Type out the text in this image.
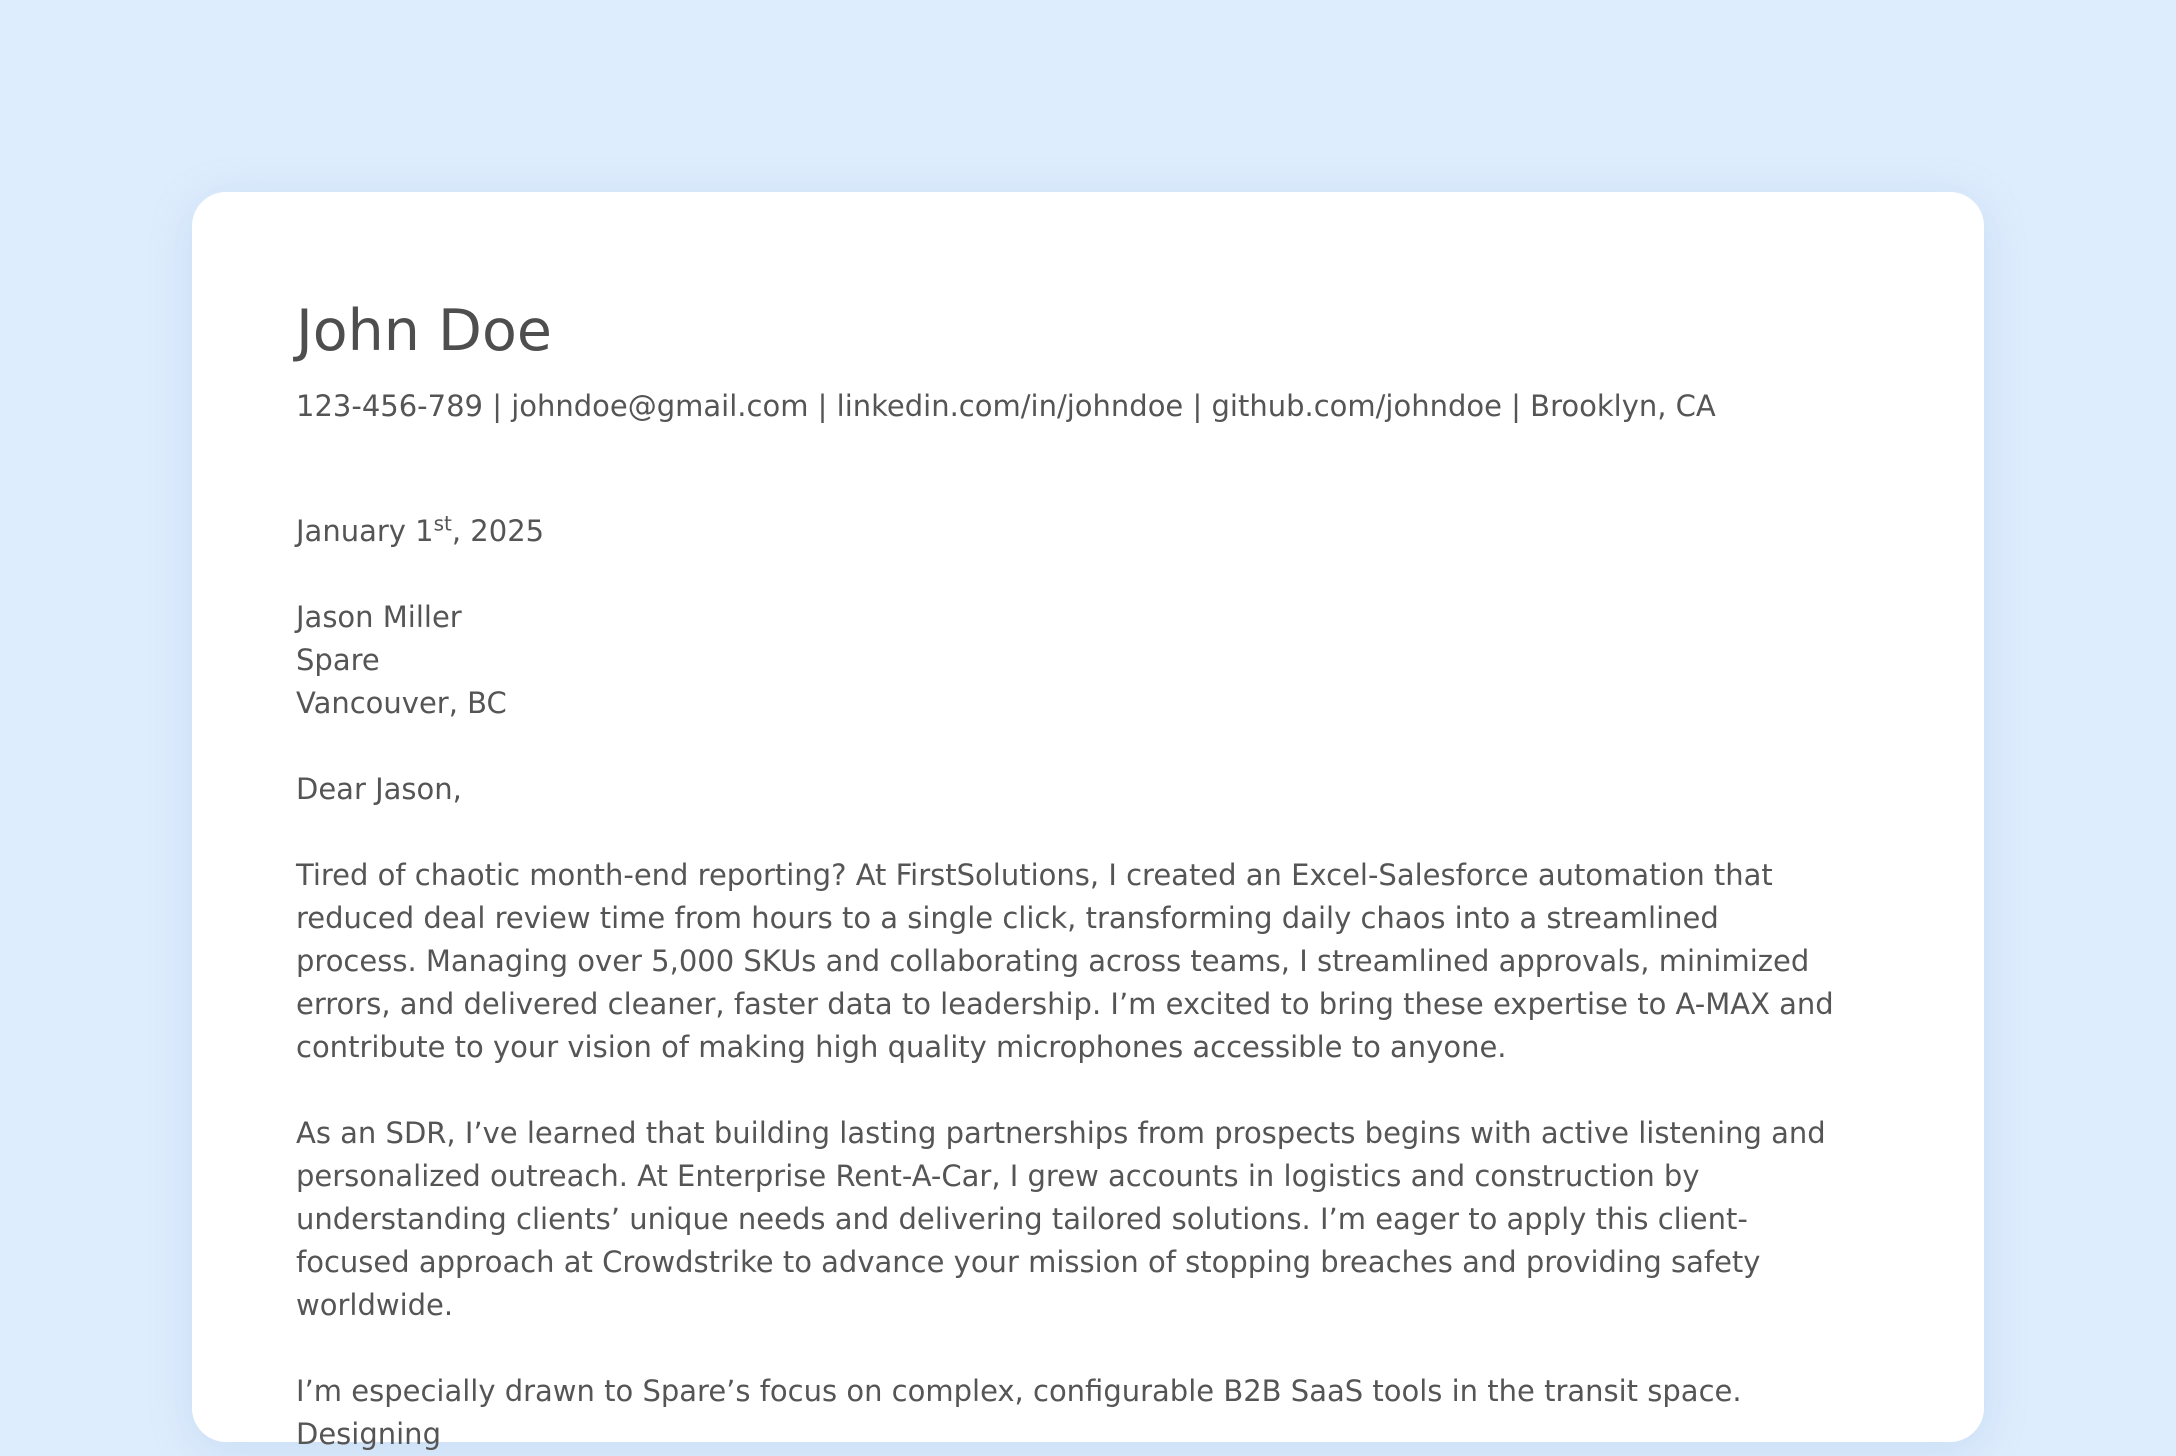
John Doe
123-456-789 | johndoe@gmail.com | linkedin.com/in/johndoe | github.com/johndoe | Brooklyn, CA
January 1st, 2025
Jason Miller
Spare
Vancouver, BC
Dear Jason,

Tired of chaotic month-end reporting? At FirstSolutions, I created an Excel-Salesforce automation that reduced deal review time from hours to a single click, transforming daily chaos into a streamlined process. Managing over 5,000 SKUs and collaborating across teams, I streamlined approvals, minimized errors, and delivered cleaner, faster data to leadership. I’m excited to bring these expertise to A-MAX and contribute to your vision of making high quality microphones accessible to anyone.

As an SDR, I’ve learned that building lasting partnerships from prospects begins with active listening and personalized outreach. At Enterprise Rent-A-Car, I grew accounts in logistics and construction by understanding clients’ unique needs and delivering tailored solutions. I’m eager to apply this client-focused approach at Crowdstrike to advance your mission of stopping breaches and providing safety worldwide.

I’m especially drawn to Spare’s focus on complex, configurable B2B SaaS tools in the transit space. Designing
